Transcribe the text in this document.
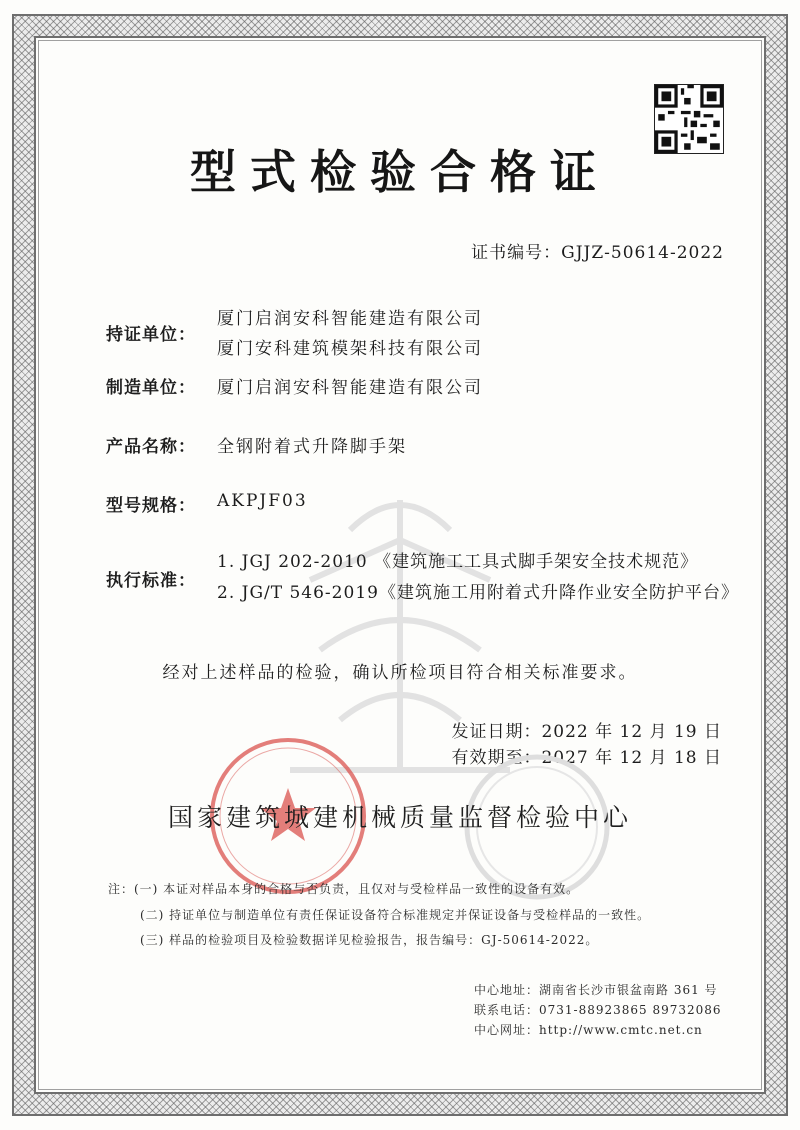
型式检验合格证
证书编号：GJJZ-50614-2022
持证单位：
厦门启润安科智能建造有限公司
厦门安科建筑模架科技有限公司
制造单位： 厦门启润安科智能建造有限公司
产品名称： 全钢附着式升降脚手架
型号规格： AKPJF03
执行标准：
1. JGJ 202-2010 《建筑施工工具式脚手架安全技术规范》
2. JG/T 546-2019《建筑施工用附着式升降作业安全防护平台》
经对上述样品的检验，确认所检项目符合相关标准要求。
发证日期：2022 年 12 月 19 日
有效期至：2027 年 12 月 18 日
国家建筑城建机械质量监督检验中心
注：(一) 本证对样品本身的合格与否负责，且仅对与受检样品一致性的设备有效。
(二) 持证单位与制造单位有责任保证设备符合标准规定并保证设备与受检样品的一致性。
(三) 样品的检验项目及检验数据详见检验报告，报告编号：GJ-50614-2022。
中心地址：湖南省长沙市银盆南路 361 号
联系电话：0731-88923865 89732086
中心网址：http://www.cmtc.net.cn
